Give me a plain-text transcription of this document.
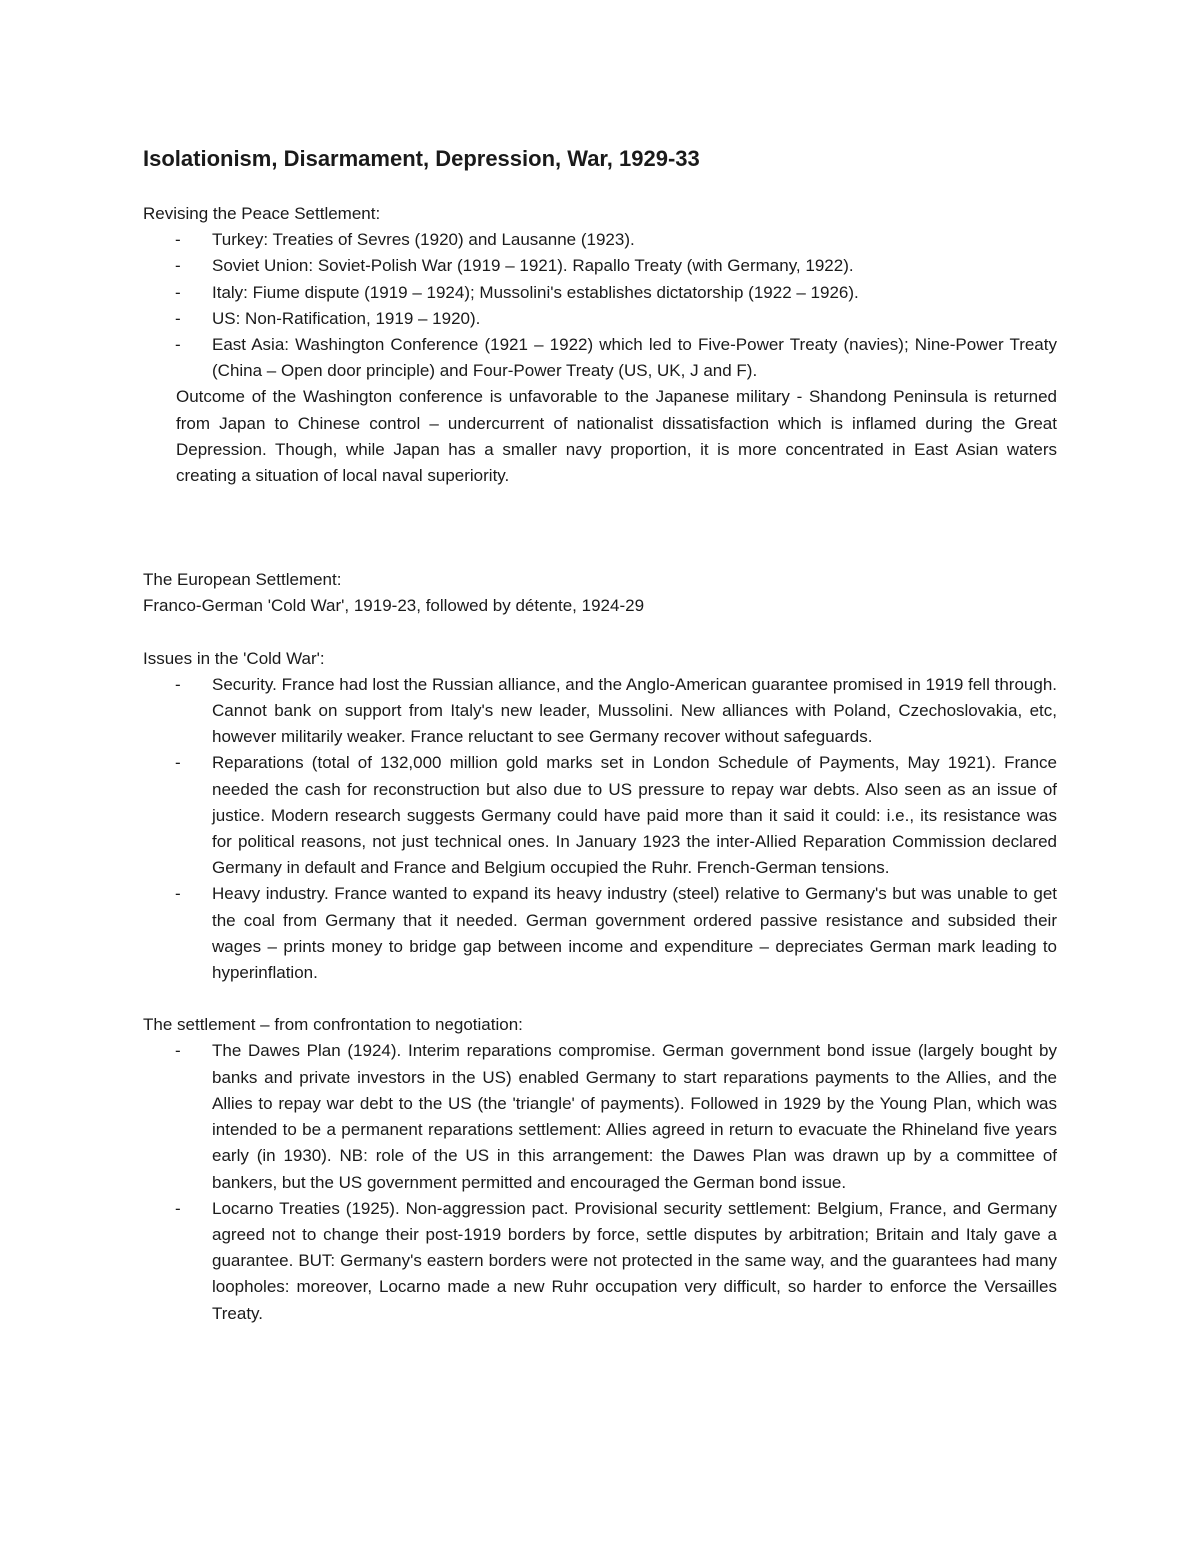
Isolationism, Disarmament, Depression, War, 1929-33

Revising the Peace Settlement:

- Turkey: Treaties of Sevres (1920) and Lausanne (1923).
- Soviet Union: Soviet-Polish War (1919 – 1921). Rapallo Treaty (with Germany, 1922).
- Italy: Fiume dispute (1919 – 1924); Mussolini's establishes dictatorship (1922 – 1926).
- US: Non-Ratification, 1919 – 1920).
- East Asia: Washington Conference (1921 – 1922) which led to Five-Power Treaty (navies); Nine-Power Treaty (China – Open door principle) and Four-Power Treaty (US, UK, J and F).

Outcome of the Washington conference is unfavorable to the Japanese military - Shandong Peninsula is returned from Japan to Chinese control – undercurrent of nationalist dissatisfaction which is inflamed during the Great Depression. Though, while Japan has a smaller navy proportion, it is more concentrated in East Asian waters creating a situation of local naval superiority.

The European Settlement:

Franco-German 'Cold War', 1919-23, followed by détente, 1924-29

Issues in the 'Cold War':

- Security. France had lost the Russian alliance, and the Anglo-American guarantee promised in 1919 fell through. Cannot bank on support from Italy's new leader, Mussolini. New alliances with Poland, Czechoslovakia, etc, however militarily weaker. France reluctant to see Germany recover without safeguards.
- Reparations (total of 132,000 million gold marks set in London Schedule of Payments, May 1921). France needed the cash for reconstruction but also due to US pressure to repay war debts. Also seen as an issue of justice. Modern research suggests Germany could have paid more than it said it could: i.e., its resistance was for political reasons, not just technical ones. In January 1923 the inter-Allied Reparation Commission declared Germany in default and France and Belgium occupied the Ruhr. French-German tensions.
- Heavy industry. France wanted to expand its heavy industry (steel) relative to Germany's but was unable to get the coal from Germany that it needed. German government ordered passive resistance and subsided their wages – prints money to bridge gap between income and expenditure – depreciates German mark leading to hyperinflation.

The settlement – from confrontation to negotiation:

- The Dawes Plan (1924). Interim reparations compromise. German government bond issue (largely bought by banks and private investors in the US) enabled Germany to start reparations payments to the Allies, and the Allies to repay war debt to the US (the 'triangle' of payments). Followed in 1929 by the Young Plan, which was intended to be a permanent reparations settlement: Allies agreed in return to evacuate the Rhineland five years early (in 1930). NB: role of the US in this arrangement: the Dawes Plan was drawn up by a committee of bankers, but the US government permitted and encouraged the German bond issue.
- Locarno Treaties (1925). Non-aggression pact. Provisional security settlement: Belgium, France, and Germany agreed not to change their post-1919 borders by force, settle disputes by arbitration; Britain and Italy gave a guarantee. BUT: Germany's eastern borders were not protected in the same way, and the guarantees had many loopholes: moreover, Locarno made a new Ruhr occupation very difficult, so harder to enforce the Versailles Treaty.
